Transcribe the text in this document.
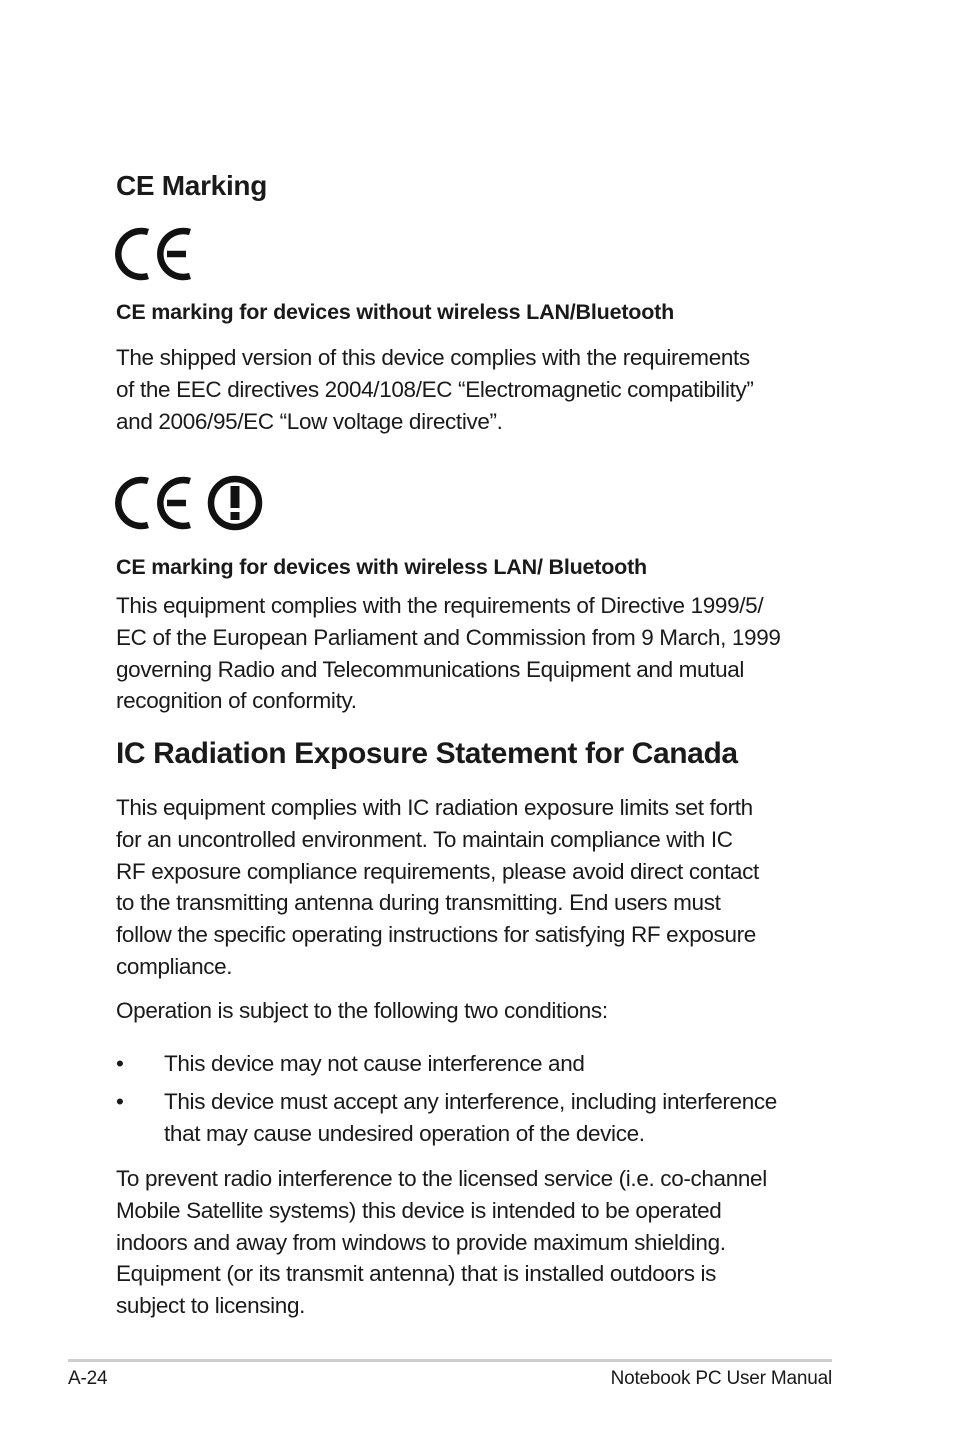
CE Marking
CE marking for devices without wireless LAN/Bluetooth

The shipped version of this device complies with the requirements
of the EEC directives 2004/108/EC “Electromagnetic compatibility”
and 2006/95/EC “Low voltage directive”.

CE marking for devices with wireless LAN/ Bluetooth

This equipment complies with the requirements of Directive 1999/5/
EC of the European Parliament and Commission from 9 March, 1999
governing Radio and Telecommunications Equipment and mutual
recognition of conformity.

IC Radiation Exposure Statement for Canada

This equipment complies with IC radiation exposure limits set forth
for an uncontrolled environment. To maintain compliance with IC
RF exposure compliance requirements, please avoid direct contact
to the transmitting antenna during transmitting. End users must
follow the specific operating instructions for satisfying RF exposure
compliance.

Operation is subject to the following two conditions:

• This device may not cause interference and
• This device must accept any interference, including interference
that may cause undesired operation of the device.

To prevent radio interference to the licensed service (i.e. co-channel
Mobile Satellite systems) this device is intended to be operated
indoors and away from windows to provide maximum shielding.
Equipment (or its transmit antenna) that is installed outdoors is
subject to licensing.

A-24	Notebook PC User Manual
